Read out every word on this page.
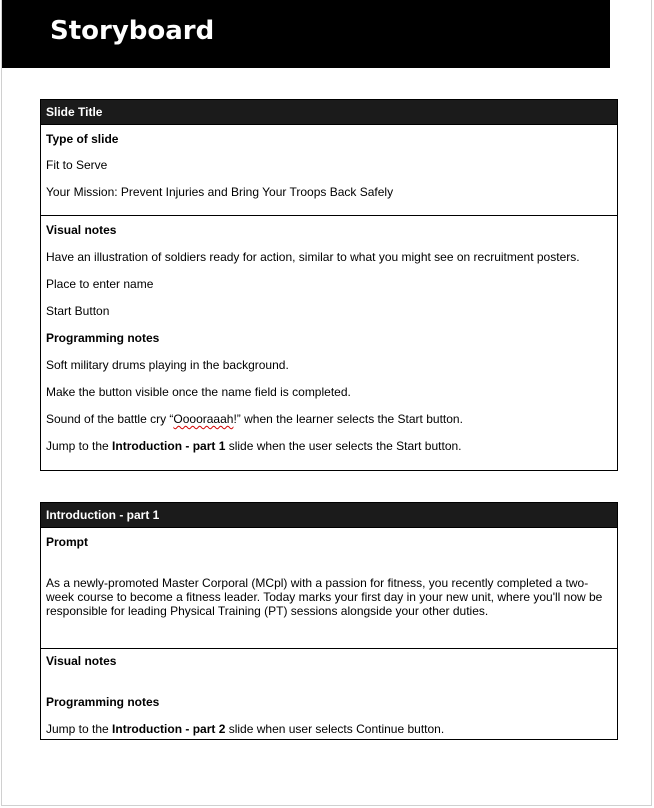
Storyboard
Slide Title
Type of slide
Fit to Serve
Your Mission: Prevent Injuries and Bring Your Troops Back Safely
Visual notes
Have an illustration of soldiers ready for action, similar to what you might see on recruitment posters.
Place to enter name
Start Button
Programming notes
Soft military drums playing in the background.
Make the button visible once the name field is completed.
Sound of the battle cry “Ooooraaah!” when the learner selects the Start button.
Jump to the Introduction - part 1 slide when the user selects the Start button.
Introduction - part 1
Prompt
As a newly-promoted Master Corporal (MCpl) with a passion for fitness, you recently completed a two-week course to become a fitness leader. Today marks your first day in your new unit, where you'll now be responsible for leading Physical Training (PT) sessions alongside your other duties.
Visual notes
Programming notes
Jump to the Introduction - part 2 slide when user selects Continue button.
